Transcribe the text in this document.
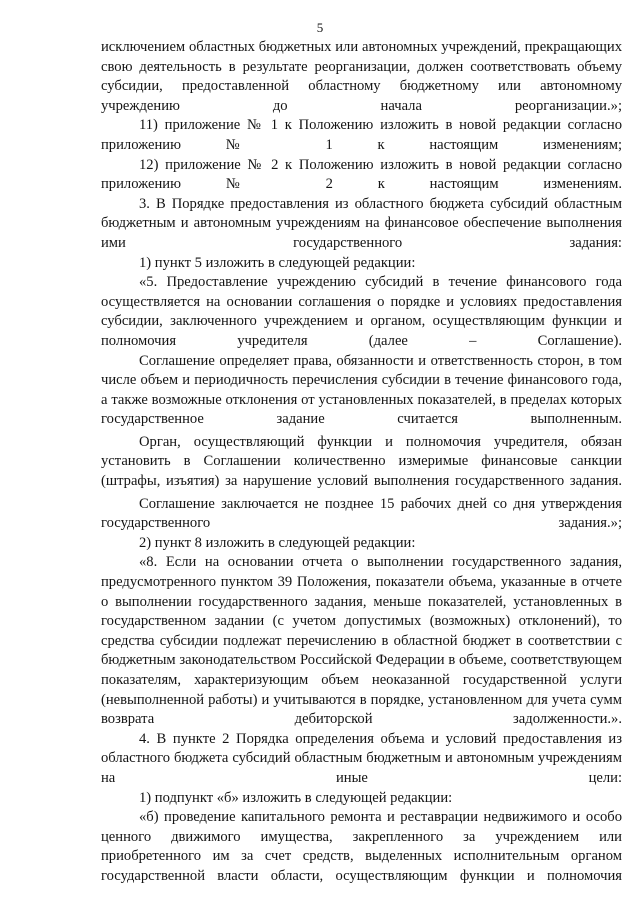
5

исключением областных бюджетных или автономных учреждений, прекращающих свою деятельность в результате реорганизации, должен соответствовать объему субсидии, предоставленной областному бюджетному или автономному учреждению до начала реорганизации.»;

11) приложение № 1 к Положению изложить в новой редакции согласно приложению № 1 к настоящим изменениям;

12) приложение № 2 к Положению изложить в новой редакции согласно приложению № 2 к настоящим изменениям.

3. В Порядке предоставления из областного бюджета субсидий областным бюджетным и автономным учреждениям на финансовое обеспечение выполнения ими государственного задания:

1) пункт 5 изложить в следующей редакции:

«5. Предоставление учреждению субсидий в течение финансового года осуществляется на основании соглашения о порядке и условиях предоставления субсидии, заключенного учреждением и органом, осуществляющим функции и полномочия учредителя (далее – Соглашение).

Соглашение определяет права, обязанности и ответственность сторон, в том числе объем и периодичность перечисления субсидии в течение финансового года, а также возможные отклонения от установленных показателей, в пределах которых государственное задание считается выполненным.

Орган, осуществляющий функции и полномочия учредителя, обязан установить в Соглашении количественно измеримые финансовые санкции (штрафы, изъятия) за нарушение условий выполнения государственного задания.

Соглашение заключается не позднее 15 рабочих дней со дня утверждения государственного задания.»;

2) пункт 8 изложить в следующей редакции:

«8. Если на основании отчета о выполнении государственного задания, предусмотренного пунктом 39 Положения, показатели объема, указанные в отчете о выполнении государственного задания, меньше показателей, установленных в государственном задании (с учетом допустимых (возможных) отклонений), то средства субсидии подлежат перечислению в областной бюджет в соответствии с бюджетным законодательством Российской Федерации в объеме, соответствующем показателям, характеризующим объем неоказанной государственной услуги (невыполненной работы) и учитываются в порядке, установленном для учета сумм возврата дебиторской задолженности.».

4. В пункте 2 Порядка определения объема и условий предоставления из областного бюджета субсидий областным бюджетным и автономным учреждениям на иные цели:

1) подпункт «б» изложить в следующей редакции:

«б) проведение капитального ремонта и реставрации недвижимого и особо ценного движимого имущества, закрепленного за учреждением или приобретенного им за счет средств, выделенных исполнительным органом государственной власти области, осуществляющим функции и полномочия
